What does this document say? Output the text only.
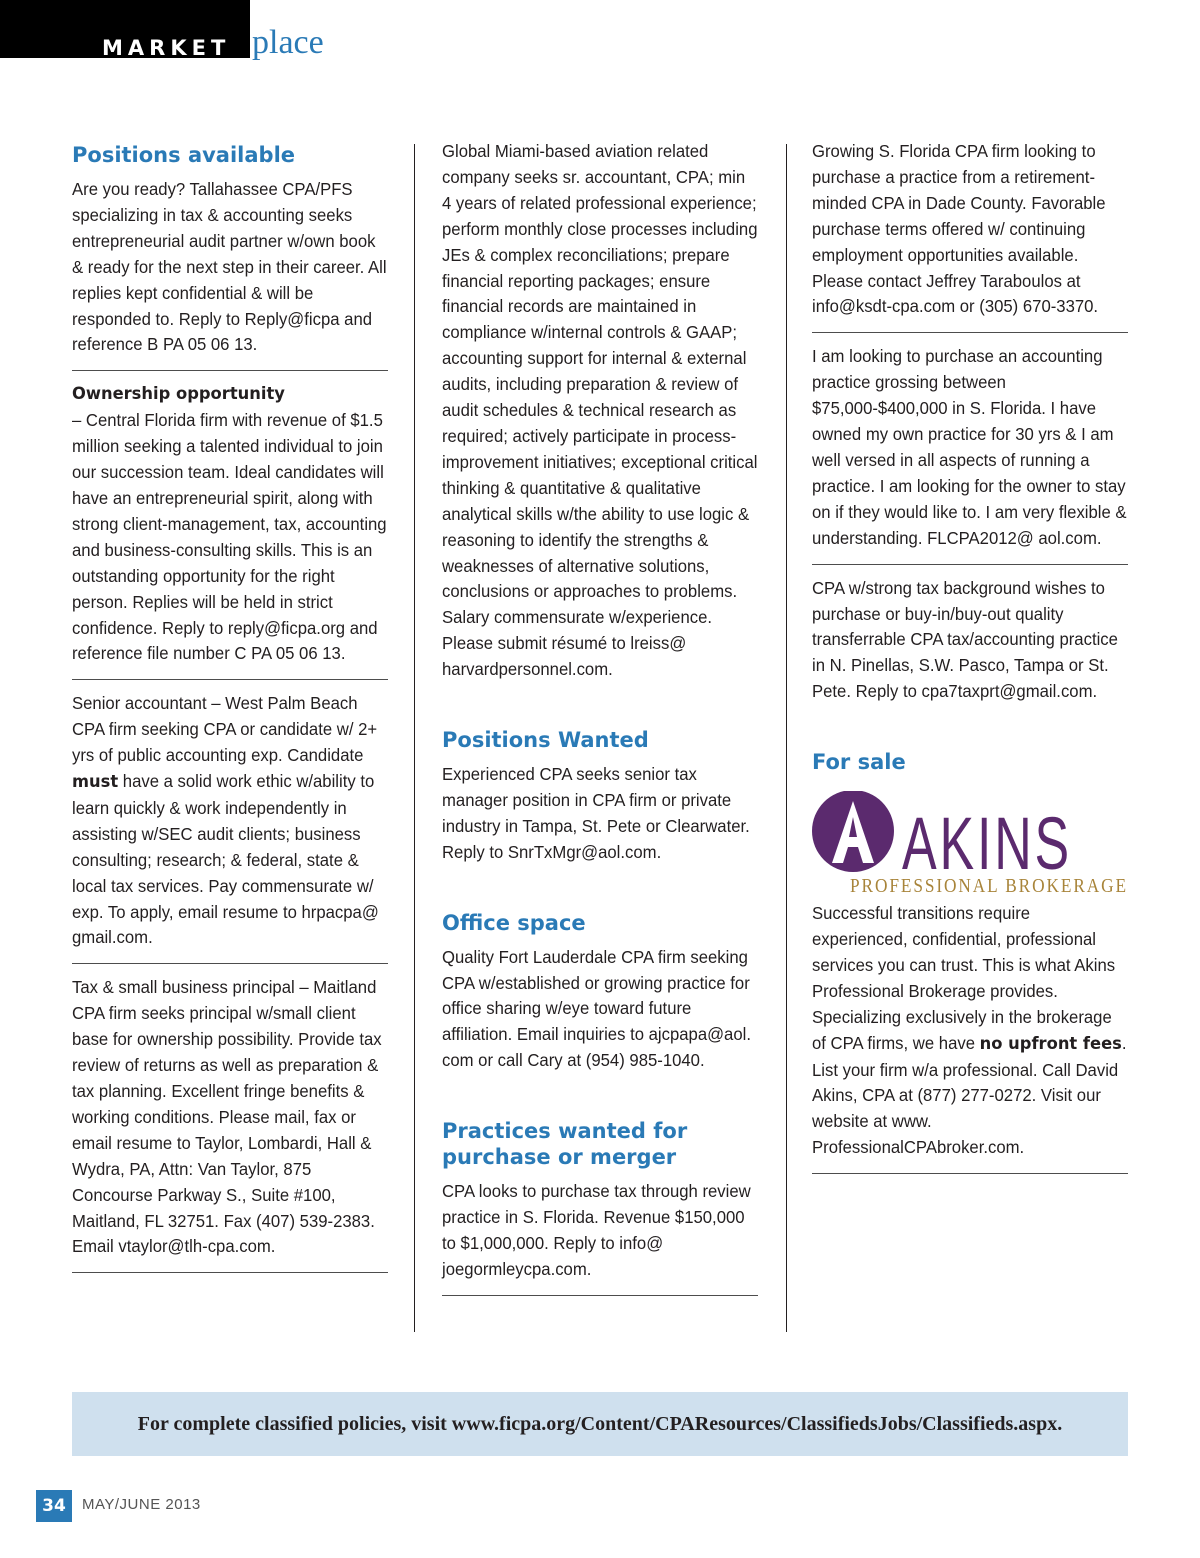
MARKET place
Positions available
Are you ready? Tallahassee CPA/PFS specializing in tax & accounting seeks entrepreneurial audit partner w/own book & ready for the next step in their career. All replies kept confidential & will be responded to. Reply to Reply@ficpa and reference B PA 05 06 13.
Ownership opportunity
– Central Florida firm with revenue of $1.5 million seeking a talented individual to join our succession team. Ideal candidates will have an entrepreneurial spirit, along with strong client-management, tax, accounting and business-consulting skills. This is an outstanding opportunity for the right person. Replies will be held in strict confidence. Reply to reply@ficpa.org and reference file number C PA 05 06 13.
Senior accountant – West Palm Beach CPA firm seeking CPA or candidate w/ 2+ yrs of public accounting exp. Candidate must have a solid work ethic w/ability to learn quickly & work independently in assisting w/SEC audit clients; business consulting; research; & federal, state & local tax services. Pay commensurate w/ exp. To apply, email resume to hrpacpa@ gmail.com.
Tax & small business principal – Maitland CPA firm seeks principal w/small client base for ownership possibility. Provide tax review of returns as well as preparation & tax planning. Excellent fringe benefits & working conditions. Please mail, fax or email resume to Taylor, Lombardi, Hall & Wydra, PA, Attn: Van Taylor, 875 Concourse Parkway S., Suite #100, Maitland, FL 32751. Fax (407) 539-2383. Email vtaylor@tlh-cpa.com.
Global Miami-based aviation related company seeks sr. accountant, CPA; min 4 years of related professional experience; perform monthly close processes including JEs & complex reconciliations; prepare financial reporting packages; ensure financial records are maintained in compliance w/internal controls & GAAP; accounting support for internal & external audits, including preparation & review of audit schedules & technical research as required; actively participate in process-improvement initiatives; exceptional critical thinking & quantitative & qualitative analytical skills w/the ability to use logic & reasoning to identify the strengths & weaknesses of alternative solutions, conclusions or approaches to problems. Salary commensurate w/experience. Please submit résumé to lreiss@ harvardpersonnel.com.
Positions Wanted
Experienced CPA seeks senior tax manager position in CPA firm or private industry in Tampa, St. Pete or Clearwater. Reply to SnrTxMgr@aol.com.
Office space
Quality Fort Lauderdale CPA firm seeking CPA w/established or growing practice for office sharing w/eye toward future affiliation. Email inquiries to ajcpapa@aol. com or call Cary at (954) 985-1040.
Practices wanted for purchase or merger
CPA looks to purchase tax through review practice in S. Florida. Revenue $150,000 to $1,000,000. Reply to info@ joegormleycpa.com.
Growing S. Florida CPA firm looking to purchase a practice from a retirement-minded CPA in Dade County. Favorable purchase terms offered w/ continuing employment opportunities available. Please contact Jeffrey Taraboulos at info@ksdt-cpa.com or (305) 670-3370.
I am looking to purchase an accounting practice grossing between $75,000-$400,000 in S. Florida. I have owned my own practice for 30 yrs & I am well versed in all aspects of running a practice. I am looking for the owner to stay on if they would like to. I am very flexible & understanding. FLCPA2012@ aol.com.
CPA w/strong tax background wishes to purchase or buy-in/buy-out quality transferrable CPA tax/accounting practice in N. Pinellas, S.W. Pasco, Tampa or St. Pete. Reply to cpa7taxprt@gmail.com.
For sale
AKINS
PROFESSIONAL BROKERAGE
Successful transitions require experienced, confidential, professional services you can trust. This is what Akins Professional Brokerage provides. Specializing exclusively in the brokerage of CPA firms, we have no upfront fees. List your firm w/a professional. Call David Akins, CPA at (877) 277-0272. Visit our website at www. ProfessionalCPAbroker.com.
For complete classified policies, visit www.ficpa.org/Content/CPAResources/ClassifiedsJobs/Classifieds.aspx.
34	MAY/JUNE 2013
